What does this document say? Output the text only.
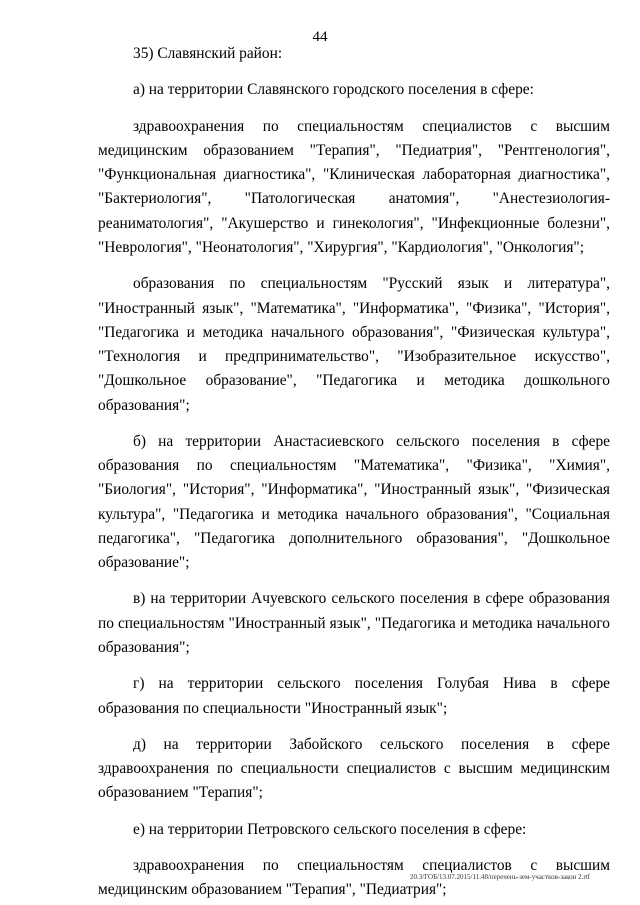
44

35) Славянский район:

а) на территории Славянского городского поселения в сфере:

здравоохранения по специальностям специалистов с высшим медицинским образованием "Терапия", "Педиатрия", "Рентгенология", "Функциональная диагностика", "Клиническая лабораторная диагностика", "Бактериология", "Патологическая анатомия", "Анестезиология-реаниматология", "Акушерство и гинекология", "Инфекционные болезни", "Неврология", "Неонатология", "Хирургия", "Кардиология", "Онкология";

образования по специальностям "Русский язык и литература", "Иностранный язык", "Математика", "Информатика", "Физика", "История", "Педагогика и методика начального образования", "Физическая культура", "Технология и предпринимательство", "Изобразительное искусство", "Дошкольное образование", "Педагогика и методика дошкольного образования";

б) на территории Анастасиевского сельского поселения в сфере образования по специальностям "Математика", "Физика", "Химия", "Биология", "История", "Информатика", "Иностранный язык", "Физическая культура", "Педагогика и методика начального образования", "Социальная педагогика", "Педагогика дополнительного образования", "Дошкольное образование";

в) на территории Ачуевского сельского поселения в сфере образования по специальностям "Иностранный язык", "Педагогика и методика начального образования";

г) на территории сельского поселения Голубая Нива в сфере образования по специальности "Иностранный язык";

д) на территории Забойского сельского поселения в сфере здравоохранения по специальности специалистов с высшим медицинским образованием "Терапия";

е) на территории Петровского сельского поселения в сфере:

здравоохранения по специальностям специалистов с высшим медицинским образованием "Терапия", "Педиатрия";

20.3/ГОБ/13.07.2015/11.48/перечень-зем-участков-закон 2.rtf
